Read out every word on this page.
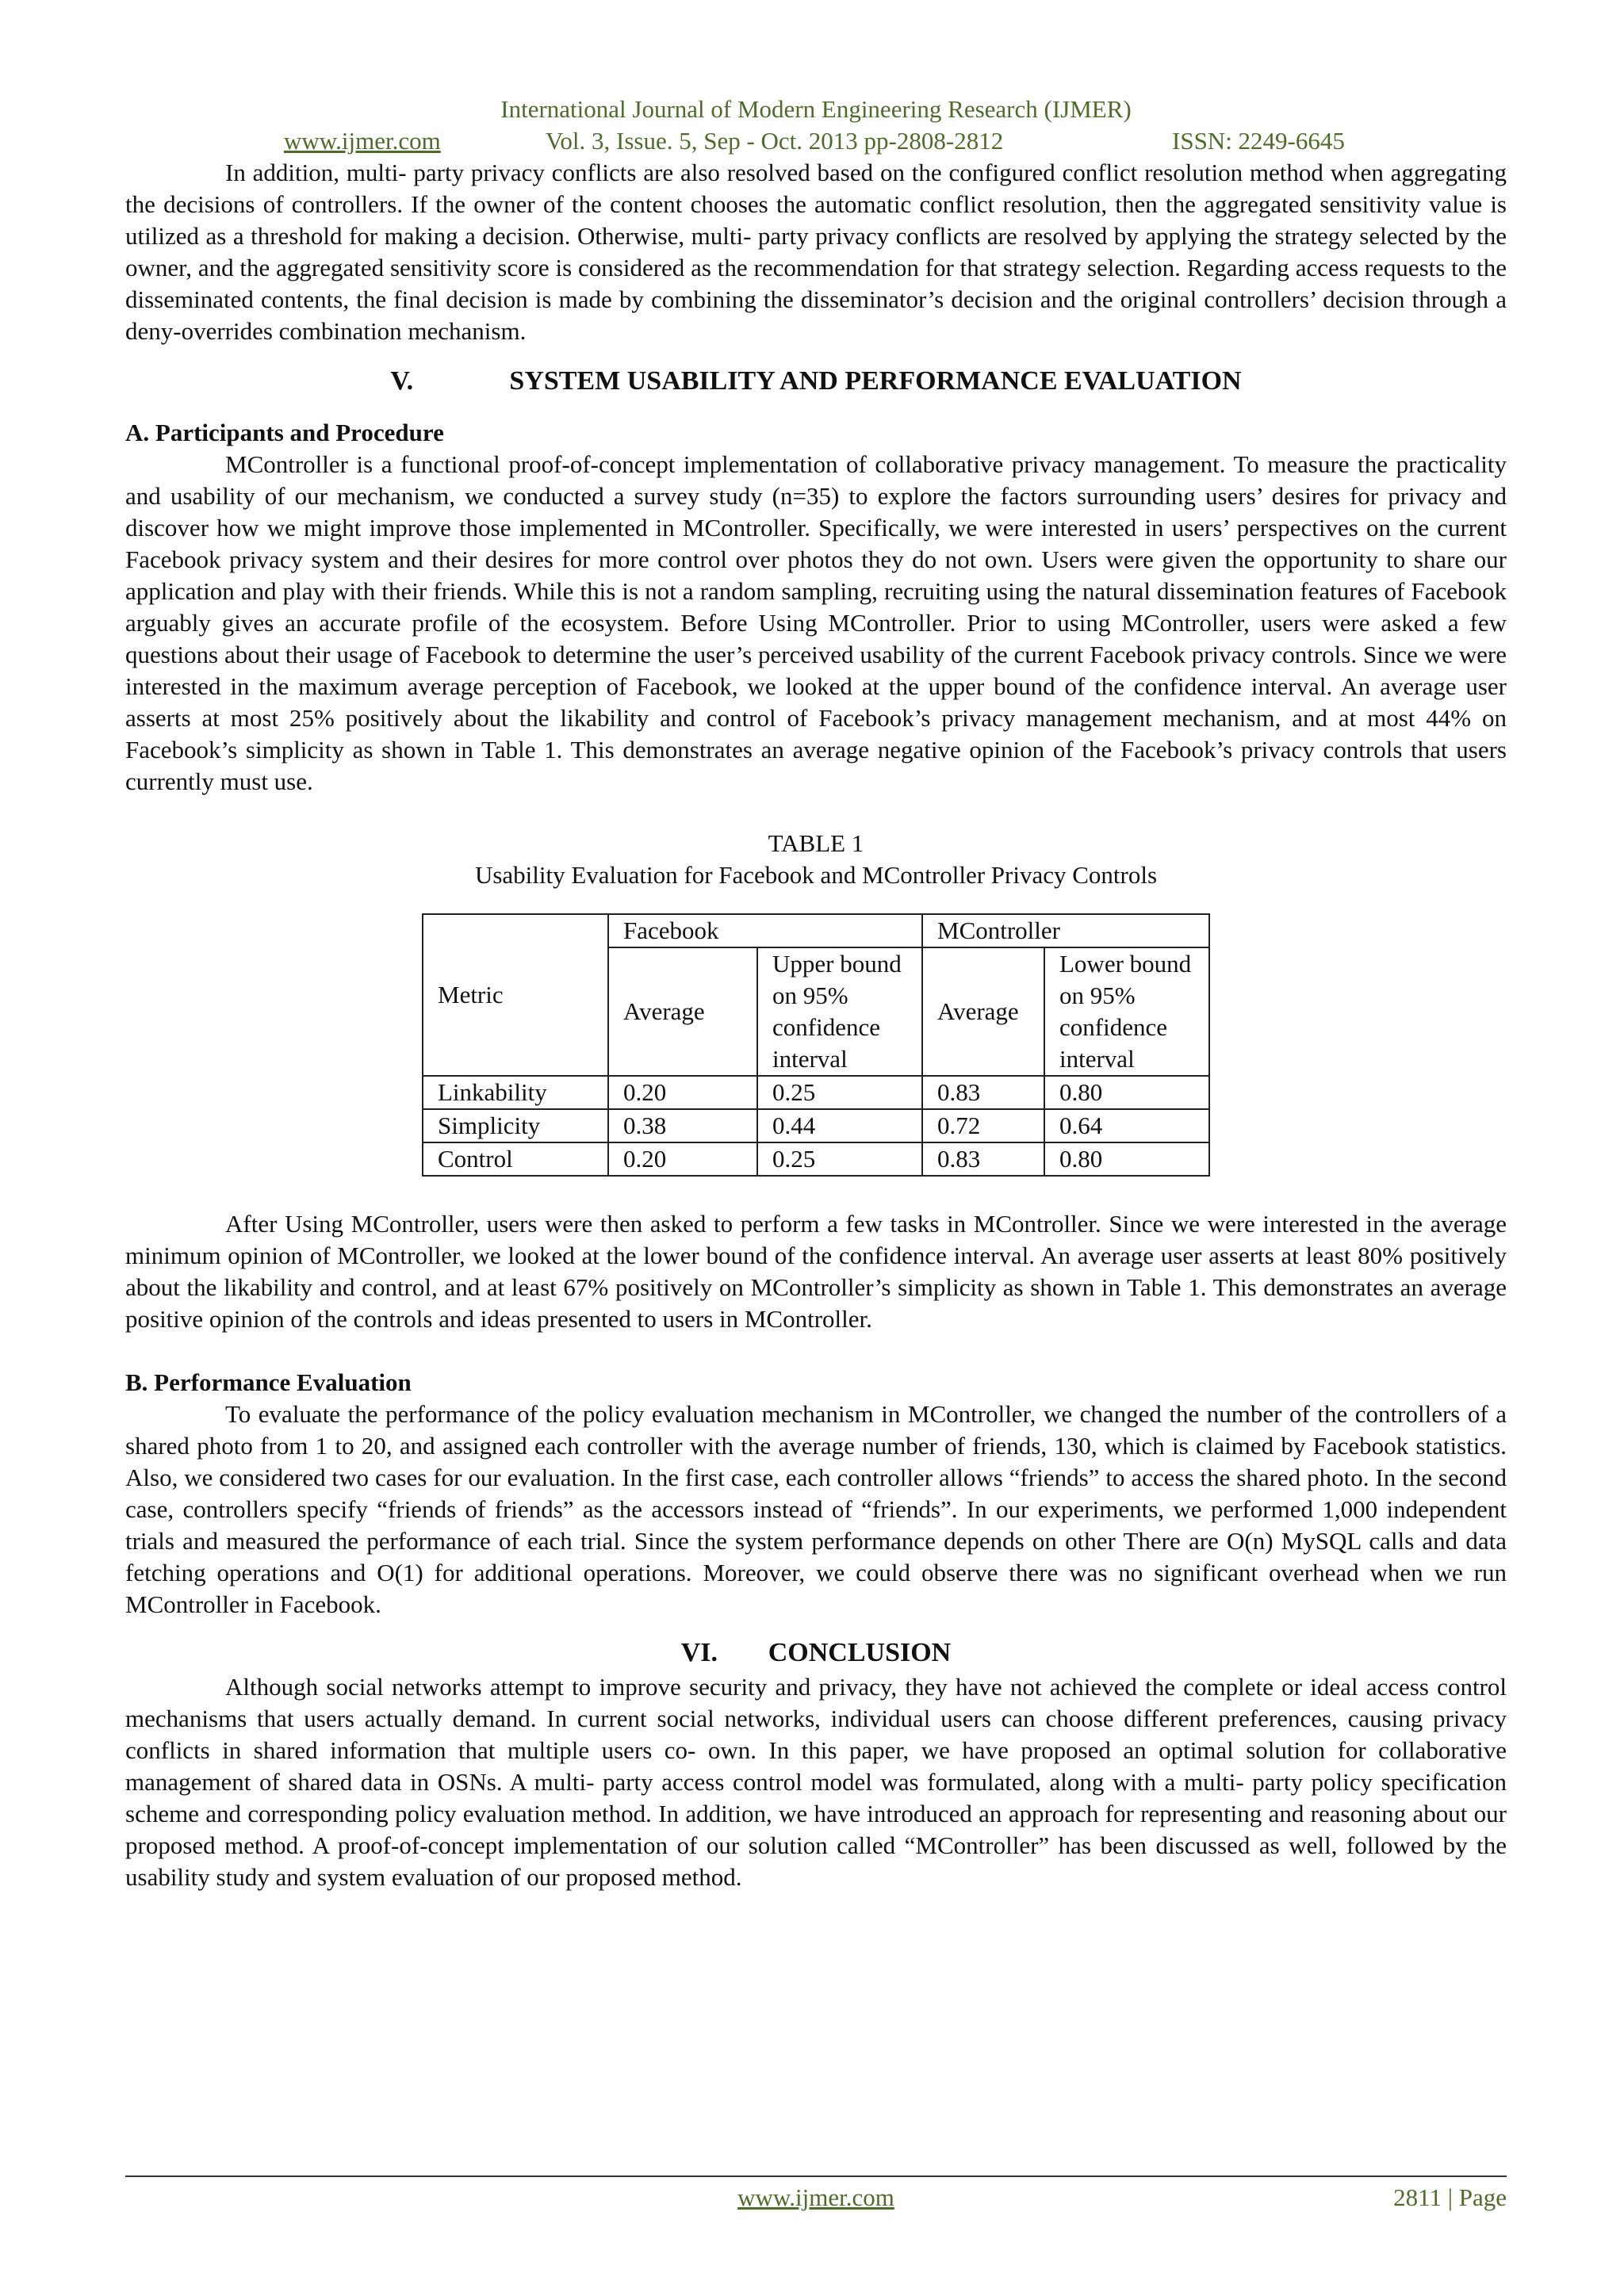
International Journal of Modern Engineering Research (IJMER)
www.ijmer.com	Vol. 3, Issue. 5, Sep - Oct. 2013 pp-2808-2812	ISSN: 2249-6645

In addition, multi- party privacy conflicts are also resolved based on the configured conflict resolution method when aggregating the decisions of controllers. If the owner of the content chooses the automatic conflict resolution, then the aggregated sensitivity value is utilized as a threshold for making a decision. Otherwise, multi- party privacy conflicts are resolved by applying the strategy selected by the owner, and the aggregated sensitivity score is considered as the recommendation for that strategy selection. Regarding access requests to the disseminated contents, the final decision is made by combining the disseminator’s decision and the original controllers’ decision through a deny-overrides combination mechanism.

V.	SYSTEM USABILITY AND PERFORMANCE EVALUATION
A. Participants and Procedure

MController is a functional proof-of-concept implementation of collaborative privacy management. To measure the practicality and usability of our mechanism, we conducted a survey study (n=35) to explore the factors surrounding users’ desires for privacy and discover how we might improve those implemented in MController. Specifically, we were interested in users’ perspectives on the current Facebook privacy system and their desires for more control over photos they do not own. Users were given the opportunity to share our application and play with their friends. While this is not a random sampling, recruiting using the natural dissemination features of Facebook arguably gives an accurate profile of the ecosystem. Before Using MController. Prior to using MController, users were asked a few questions about their usage of Facebook to determine the user’s perceived usability of the current Facebook privacy controls. Since we were interested in the maximum average perception of Facebook, we looked at the upper bound of the confidence interval. An average user asserts at most 25% positively about the likability and control of Facebook’s privacy management mechanism, and at most 44% on Facebook’s simplicity as shown in Table 1. This demonstrates an average negative opinion of the Facebook’s privacy controls that users currently must use.

TABLE 1
Usability Evaluation for Facebook and MController Privacy Controls
Metric	Facebook		MController	
	Average	Upper bound on 95% confidence interval	Average	Lower bound on 95% confidence interval
Linkability	0.20	0.25	0.83	0.80
Simplicity	0.38	0.44	0.72	0.64
Control	0.20	0.25	0.83	0.80

After Using MController, users were then asked to perform a few tasks in MController. Since we were interested in the average minimum opinion of MController, we looked at the lower bound of the confidence interval. An average user asserts at least 80% positively about the likability and control, and at least 67% positively on MController’s simplicity as shown in Table 1. This demonstrates an average positive opinion of the controls and ideas presented to users in MController.

B. Performance Evaluation

To evaluate the performance of the policy evaluation mechanism in MController, we changed the number of the controllers of a shared photo from 1 to 20, and assigned each controller with the average number of friends, 130, which is claimed by Facebook statistics. Also, we considered two cases for our evaluation. In the first case, each controller allows “friends” to access the shared photo. In the second case, controllers specify “friends of friends” as the accessors instead of “friends”. In our experiments, we performed 1,000 independent trials and measured the performance of each trial. Since the system performance depends on other There are O(n) MySQL calls and data fetching operations and O(1) for additional operations. Moreover, we could observe there was no significant overhead when we run MController in Facebook.

VI. CONCLUSION

Although social networks attempt to improve security and privacy, they have not achieved the complete or ideal access control mechanisms that users actually demand. In current social networks, individual users can choose different preferences, causing privacy conflicts in shared information that multiple users co- own. In this paper, we have proposed an optimal solution for collaborative management of shared data in OSNs. A multi- party access control model was formulated, along with a multi- party policy specification scheme and corresponding policy evaluation method. In addition, we have introduced an approach for representing and reasoning about our proposed method. A proof-of-concept implementation of our solution called “MController” has been discussed as well, followed by the usability study and system evaluation of our proposed method.

www.ijmer.com	2811 | Page
